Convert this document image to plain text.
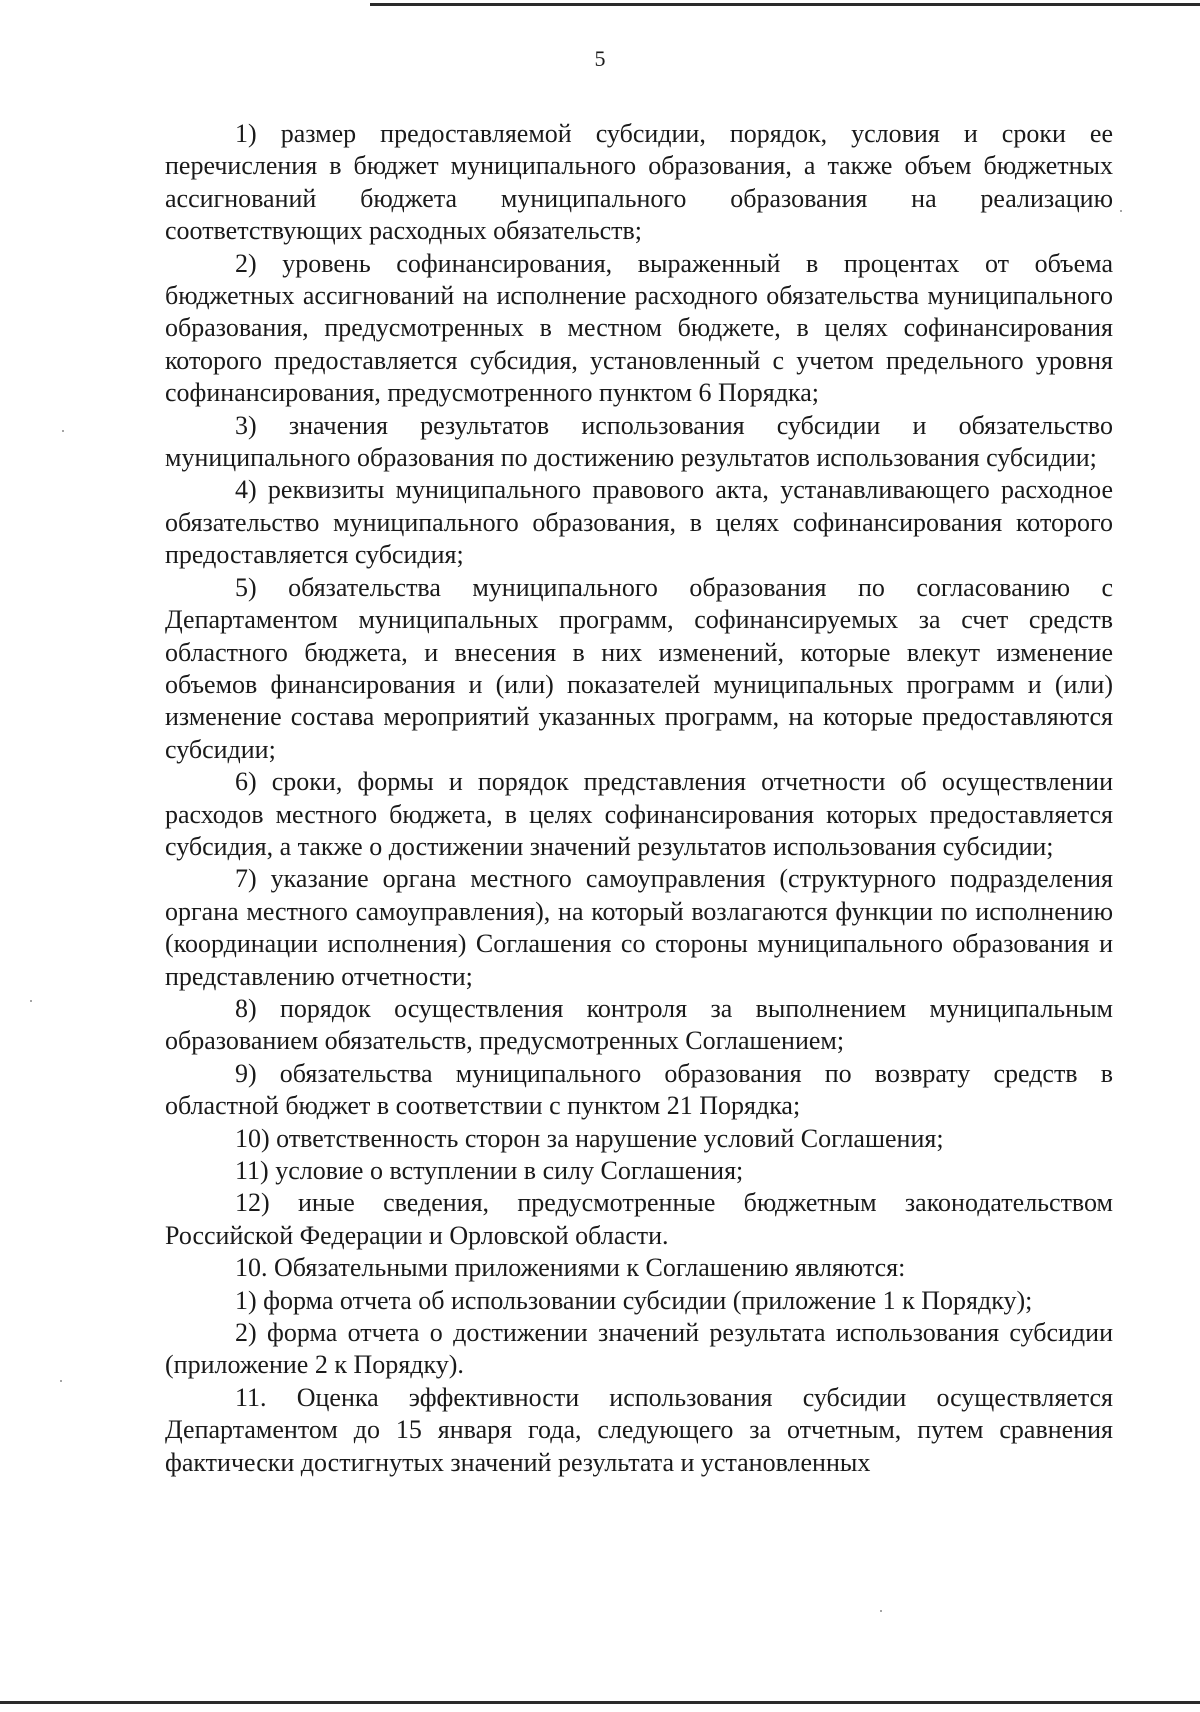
5

1) размер предоставляемой субсидии, порядок, условия и сроки ее перечисления в бюджет муниципального образования, а также объем бюджетных ассигнований бюджета муниципального образования на реализацию соответствующих расходных обязательств;

2) уровень софинансирования, выраженный в процентах от объема бюджетных ассигнований на исполнение расходного обязательства муниципального образования, предусмотренных в местном бюджете, в целях софинансирования которого предоставляется субсидия, установленный с учетом предельного уровня софинансирования, предусмотренного пунктом 6 Порядка;

3) значения результатов использования субсидии и обязательство муниципального образования по достижению результатов использования субсидии;

4) реквизиты муниципального правового акта, устанавливающего расходное обязательство муниципального образования, в целях софинансирования которого предоставляется субсидия;

5) обязательства муниципального образования по согласованию с Департаментом муниципальных программ, софинансируемых за счет средств областного бюджета, и внесения в них изменений, которые влекут изменение объемов финансирования и (или) показателей муниципальных программ и (или) изменение состава мероприятий указанных программ, на которые предоставляются субсидии;

6) сроки, формы и порядок представления отчетности об осуществлении расходов местного бюджета, в целях софинансирования которых предоставляется субсидия, а также о достижении значений результатов использования субсидии;

7) указание органа местного самоуправления (структурного подразделения органа местного самоуправления), на который возлагаются функции по исполнению (координации исполнения) Соглашения со стороны муниципального образования и представлению отчетности;

8) порядок осуществления контроля за выполнением муниципальным образованием обязательств, предусмотренных Соглашением;

9) обязательства муниципального образования по возврату средств в областной бюджет в соответствии с пунктом 21 Порядка;

10) ответственность сторон за нарушение условий Соглашения;

11) условие о вступлении в силу Соглашения;

12) иные сведения, предусмотренные бюджетным законодательством Российской Федерации и Орловской области.

10. Обязательными приложениями к Соглашению являются:

1) форма отчета об использовании субсидии (приложение 1 к Порядку);

2) форма отчета о достижении значений результата использования субсидии (приложение 2 к Порядку).

11. Оценка эффективности использования субсидии осуществляется Департаментом до 15 января года, следующего за отчетным, путем сравнения фактически достигнутых значений результата и установленных
